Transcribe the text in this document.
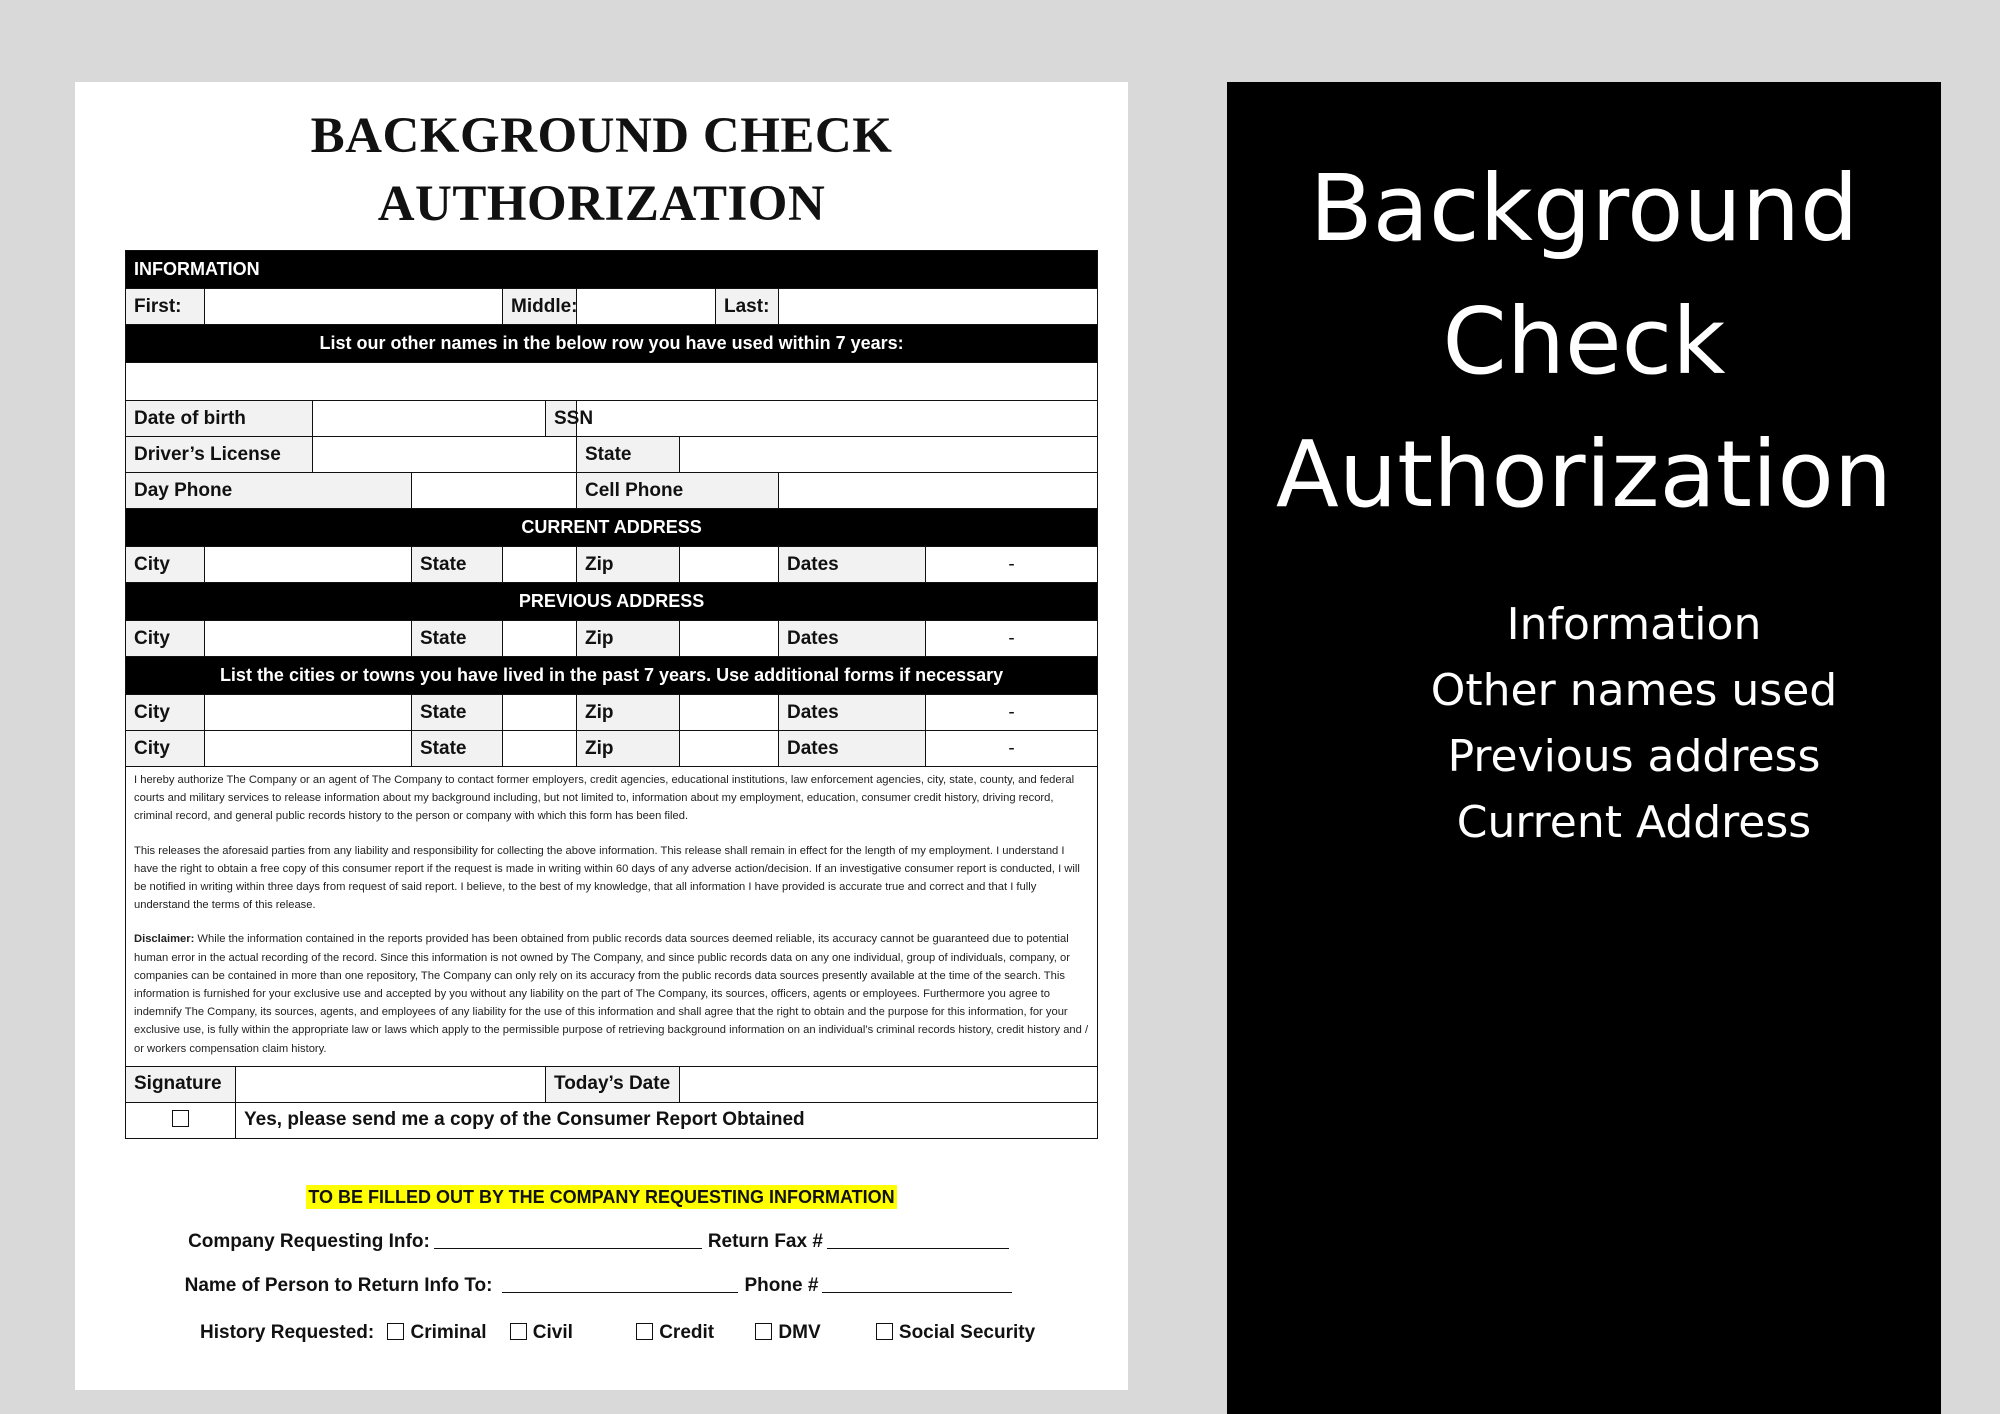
BACKGROUND CHECK
AUTHORIZATION
INFORMATION											
First:					Middle:				Last:		
List our other names in the below row you have used within 7 years:											

Date of birth						SSN					
Driver’s License							State				
Day Phone							Cell Phone				
CURRENT ADDRESS											
City				State			Zip			Dates	-
PREVIOUS ADDRESS											
City				State			Zip			Dates	-
List the cities or towns you have lived in the past 7 years. Use additional forms if necessary											
City				State			Zip			Dates	-
City				State			Zip			Dates	-

I hereby authorize The Company or an agent of The Company to contact former employers, credit agencies, educational institutions, law enforcement agencies, city, state, county, and federal courts and military services to release information about my background including, but not limited to, information about my employment, education, consumer credit history, driving record, criminal record, and general public records history to the person or company with which this form has been filed.

This releases the aforesaid parties from any liability and responsibility for collecting the above information. This release shall remain in effect for the length of my employment. I understand I have the right to obtain a free copy of this consumer report if the request is made in writing within 60 days of any adverse action/decision. If an investigative consumer report is conducted, I will be notified in writing within three days from request of said report. I believe, to the best of my knowledge, that all information I have provided is accurate true and correct and that I fully understand the terms of this release.

Disclaimer: While the information contained in the reports provided has been obtained from public records data sources deemed reliable, its accuracy cannot be guaranteed due to potential human error in the actual recording of the record. Since this information is not owned by The Company, and since public records data on any one individual, group of individuals, company, or companies can be contained in more than one repository, The Company can only rely on its accuracy from the public records data sources presently available at the time of the search. This information is furnished for your exclusive use and accepted by you without any liability on the part of The Company, its sources, officers, agents or employees. Furthermore you agree to indemnify The Company, its sources, agents, and employees of any liability for the use of this information and shall agree that the right to obtain and the purpose for this information, for your exclusive use, is fully within the appropriate law or laws which apply to the permissible purpose of retrieving background information on an individual’s criminal records history, credit history and / or workers compensation claim history.											

Signature						Today’s Date					
		Yes, please send me a copy of the Consumer Report Obtained									
TO BE FILLED OUT BY THE COMPANY REQUESTING INFORMATION
Company Requesting Info:	Return Fax #
Name of Person to Return Info To:	Phone #
History Requested: Criminal Civil	Credit	DMV	Social Security
Background
Check
Authorization
Information
Other names used
Previous address
Current Address
